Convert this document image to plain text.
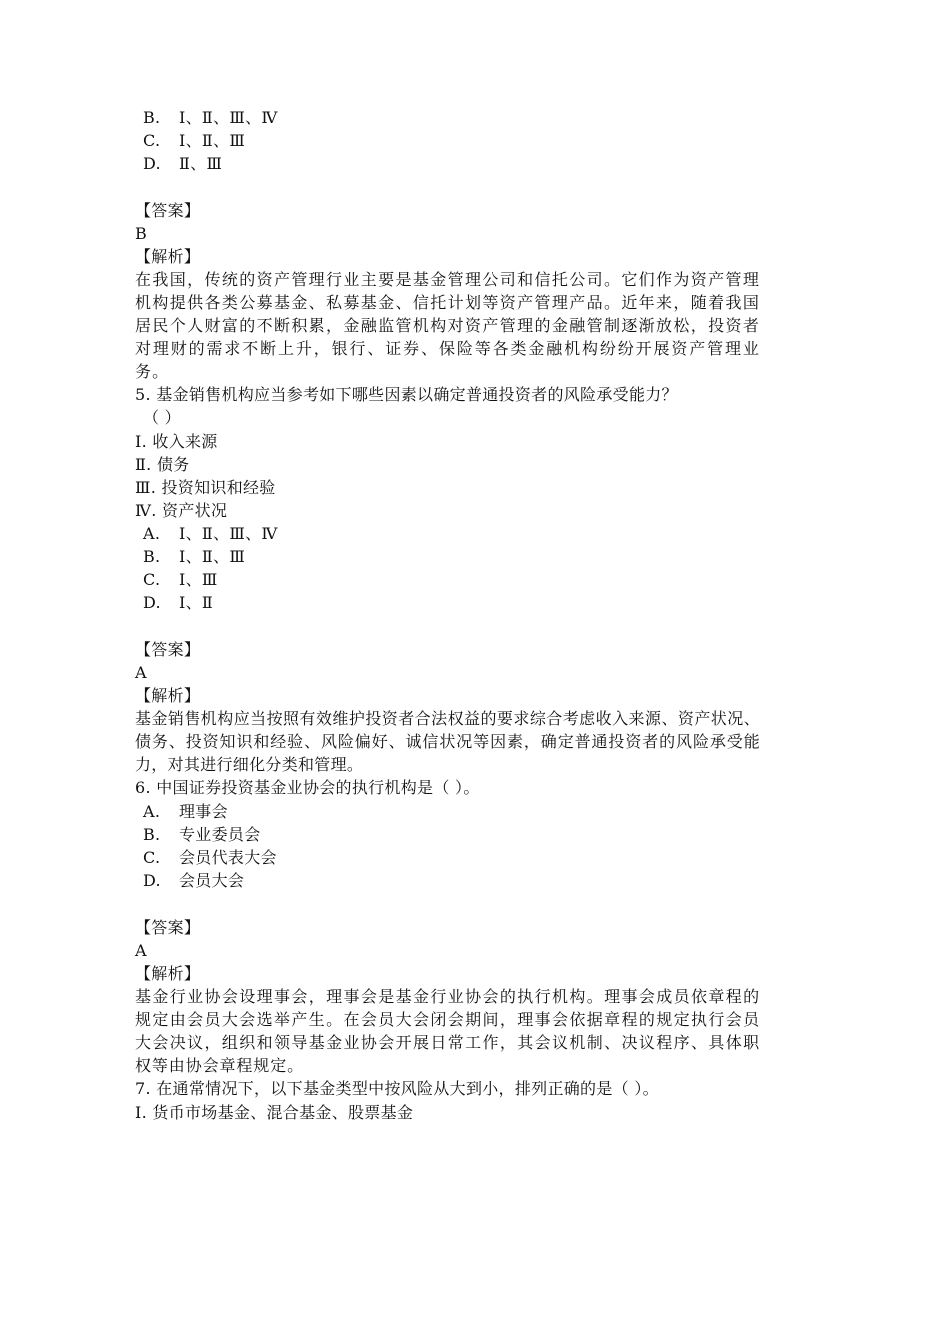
B. Ⅰ、Ⅱ、Ⅲ、Ⅳ
C. Ⅰ、Ⅱ、Ⅲ
D. Ⅱ、Ⅲ
【答案】
B
【解析】
在我国，传统的资产管理行业主要是基金管理公司和信托公司。它们作为资产管理机构提供各类公募基金、私募基金、信托计划等资产管理产品。近年来，随着我国居民个人财富的不断积累，金融监管机构对资产管理的金融管制逐渐放松，投资者对理财的需求不断上升，银行、证券、保险等各类金融机构纷纷开展资产管理业务。
5. 基金销售机构应当参考如下哪些因素以确定普通投资者的风险承受能力？
（ ）
Ⅰ. 收入来源
Ⅱ. 债务
Ⅲ. 投资知识和经验
Ⅳ. 资产状况
A. Ⅰ、Ⅱ、Ⅲ、Ⅳ
B. Ⅰ、Ⅱ、Ⅲ
C. Ⅰ、Ⅲ
D. Ⅰ、Ⅱ
【答案】
A
【解析】
基金销售机构应当按照有效维护投资者合法权益的要求综合考虑收入来源、资产状况、债务、投资知识和经验、风险偏好、诚信状况等因素，确定普通投资者的风险承受能力，对其进行细化分类和管理。
6. 中国证券投资基金业协会的执行机构是（ ）。
A. 理事会
B. 专业委员会
C. 会员代表大会
D. 会员大会
【答案】
A
【解析】
基金行业协会设理事会，理事会是基金行业协会的执行机构。理事会成员依章程的规定由会员大会选举产生。在会员大会闭会期间，理事会依据章程的规定执行会员大会决议，组织和领导基金业协会开展日常工作，其会议机制、决议程序、具体职权等由协会章程规定。
7. 在通常情况下，以下基金类型中按风险从大到小，排列正确的是（ ）。
Ⅰ. 货币市场基金、混合基金、股票基金
